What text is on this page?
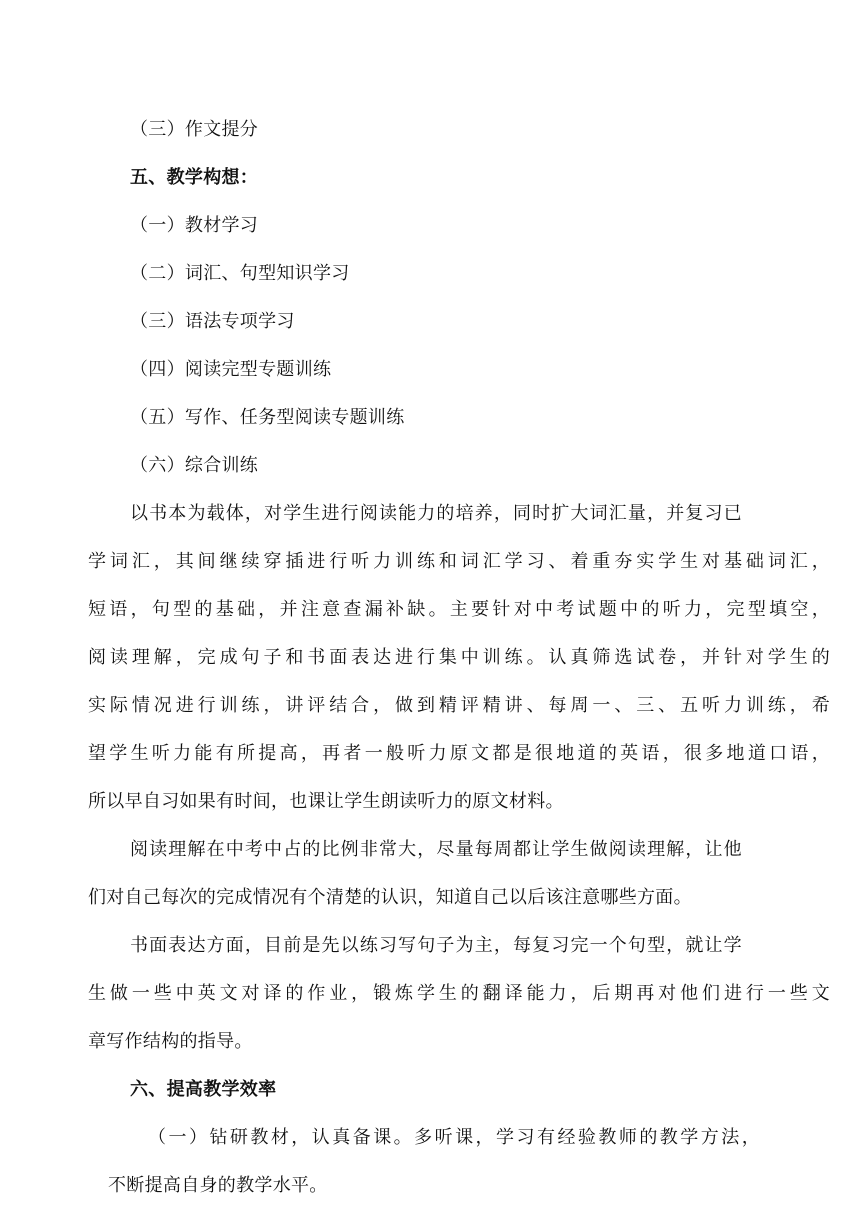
（三）作文提分
五、教学构想：
（一）教材学习
（二）词汇、句型知识学习
（三）语法专项学习
（四）阅读完型专题训练
（五）写作、任务型阅读专题训练
（六）综合训练
以书本为载体，对学生进行阅读能力的培养，同时扩大词汇量，并复习已
学词汇，其间继续穿插进行听力训练和词汇学习、着重夯实学生对基础词汇，
短语，句型的基础，并注意查漏补缺。主要针对中考试题中的听力，完型填空，
阅读理解，完成句子和书面表达进行集中训练。认真筛选试卷，并针对学生的
实际情况进行训练，讲评结合，做到精评精讲、每周一、三、五听力训练，希
望学生听力能有所提高，再者一般听力原文都是很地道的英语，很多地道口语，
所以早自习如果有时间，也课让学生朗读听力的原文材料。
阅读理解在中考中占的比例非常大，尽量每周都让学生做阅读理解，让他
们对自己每次的完成情况有个清楚的认识，知道自己以后该注意哪些方面。
书面表达方面，目前是先以练习写句子为主，每复习完一个句型，就让学
生做一些中英文对译的作业，锻炼学生的翻译能力，后期再对他们进行一些文
章写作结构的指导。
六、提高教学效率
（一）钻研教材，认真备课。多听课，学习有经验教师的教学方法，
不断提高自身的教学水平。
